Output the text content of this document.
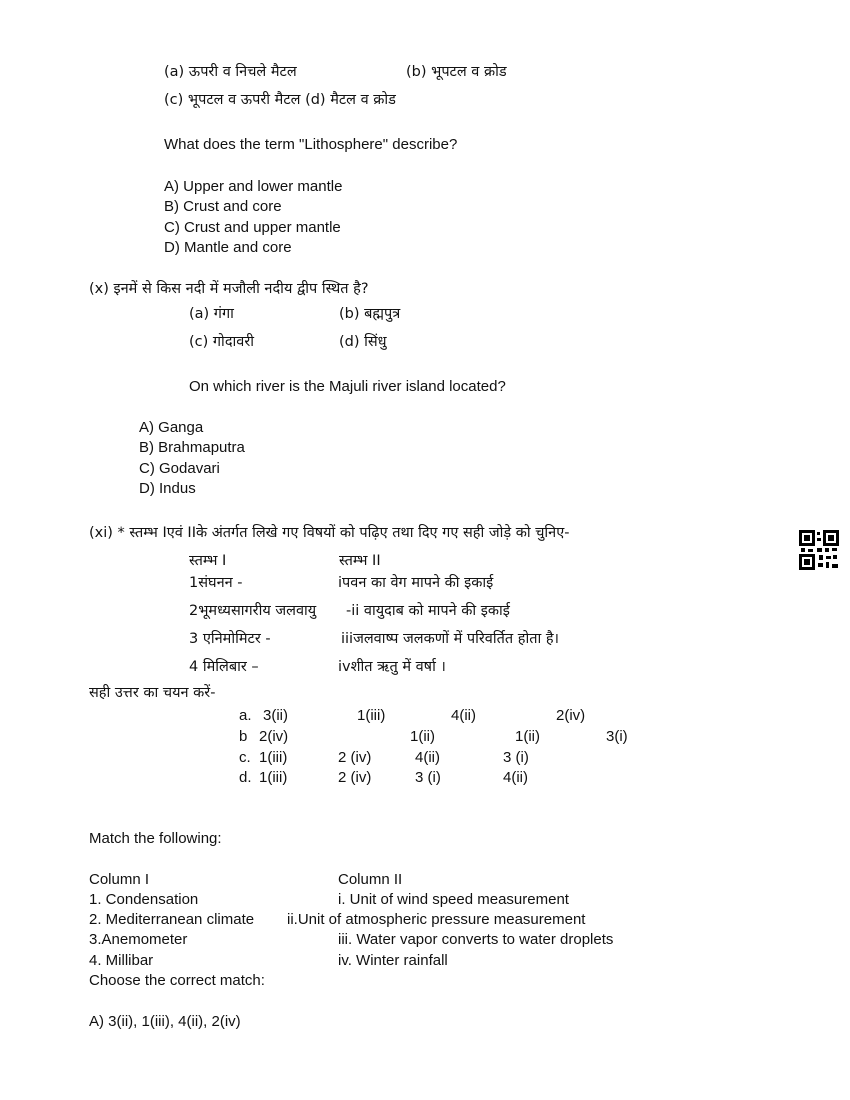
(a) ऊपरी व निचले मैटल	(b) भूपटल व क्रोड
(c) भूपटल व ऊपरी मैटल (d) मैटल व क्रोड
What does the term "Lithosphere" describe?
A) Upper and lower mantle
B) Crust and core
C) Crust and upper mantle
D) Mantle and core
(x) इनमें से किस नदी में मजौली नदीय द्वीप स्थित है?
(a) गंगा	(b) बह्मपुत्र
(c) गोदावरी	(d) सिंधु
On which river is the Majuli river island located?
A) Ganga
B) Brahmaputra
C) Godavari
D) Indus
(xi) * स्तम्भ Iएवं IIके अंतर्गत लिखे गए विषयों को पढ़िए तथा दिए गए सही जोड़े को चुनिए-
स्तम्भ I	स्तम्भ II
1संघनन -	iपवन का वेग मापने की इकाई
2भूमध्यसागरीय जलवायु -ii वायुदाब को मापने की इकाई
3 एनिमोमिटर -	iiiजलवाष्प जलकणों में परिवर्तित होता है।
4 मिलिबार –	ivशीत ऋतु में वर्षा ।
सही उत्तर का चयन करें-
a. 3(ii)	1(iii)	4(ii)	2(iv)
b 2(iv)	1(ii)	1(ii)	3(i)
c. 1(iii)	2 (iv)	4(ii)	3 (i)
d. 1(iii)	2 (iv)	3 (i)	4(ii)
Match the following:
Column I	Column II
1. Condensation	i. Unit of wind speed measurement
2. Mediterranean climate ii.Unit of atmospheric pressure measurement
3.Anemometer	iii. Water vapor converts to water droplets
4. Millibar	iv. Winter rainfall
Choose the correct match:
A) 3(ii), 1(iii), 4(ii), 2(iv)
